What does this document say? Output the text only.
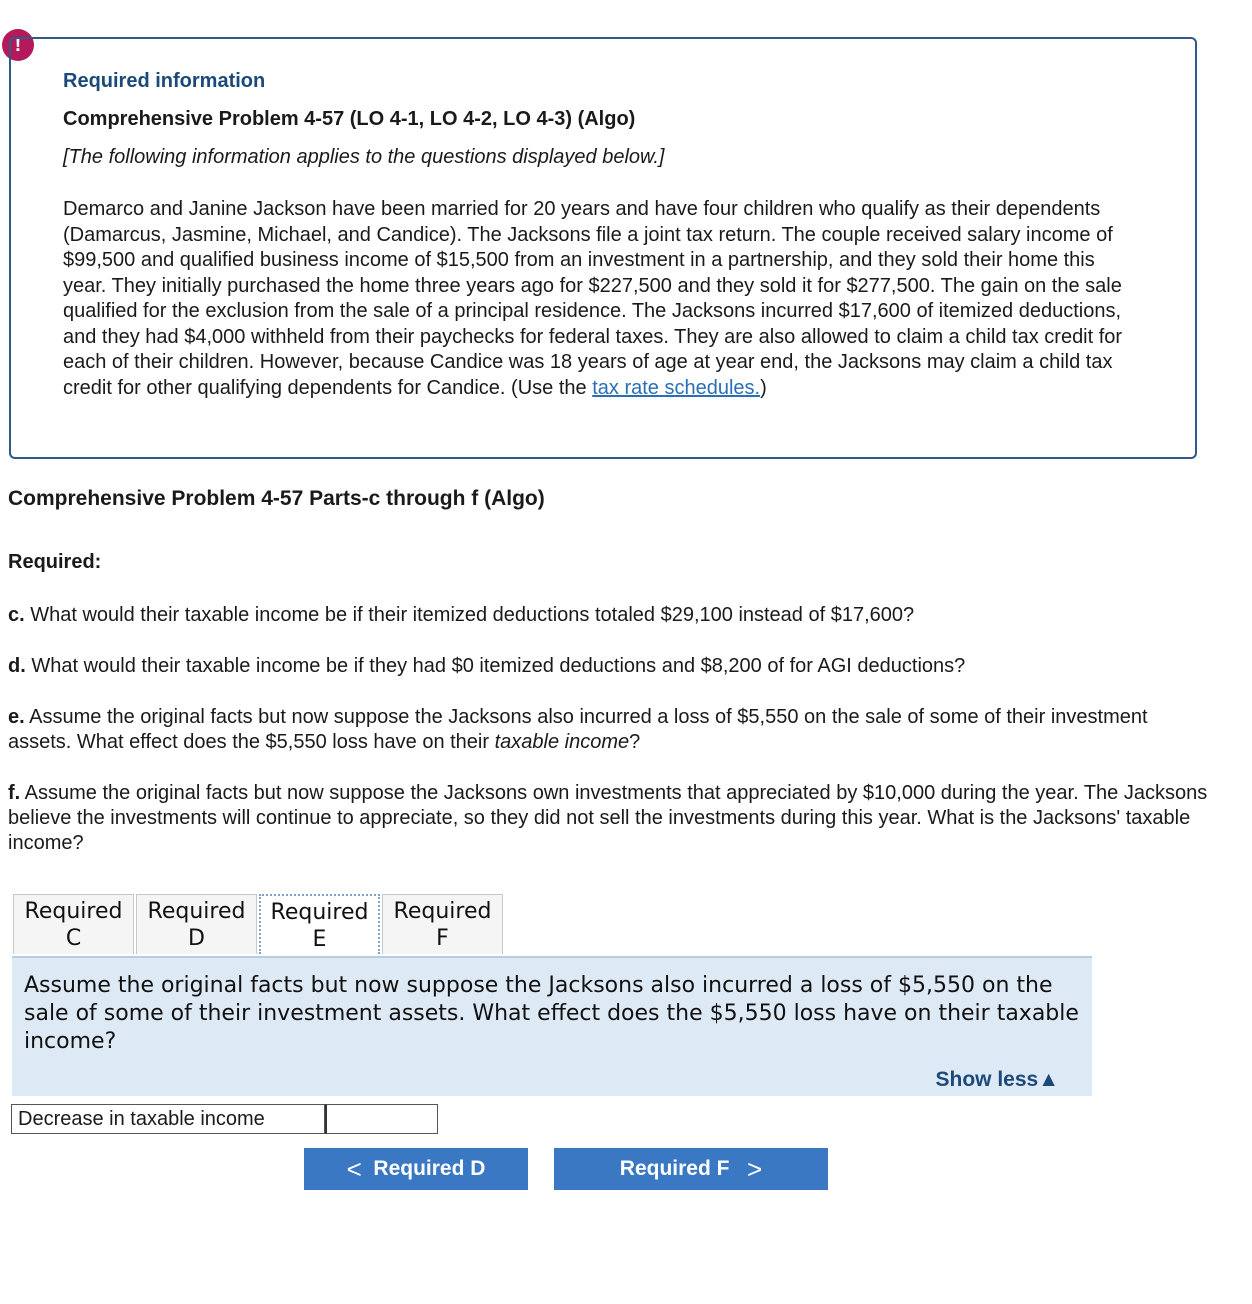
!
Required information
Comprehensive Problem 4-57 (LO 4-1, LO 4-2, LO 4-3) (Algo)
[The following information applies to the questions displayed below.]
Demarco and Janine Jackson have been married for 20 years and have four children who qualify as their dependents (Damarcus, Jasmine, Michael, and Candice). The Jacksons file a joint tax return. The couple received salary income of $99,500 and qualified business income of $15,500 from an investment in a partnership, and they sold their home this year. They initially purchased the home three years ago for $227,500 and they sold it for $277,500. The gain on the sale qualified for the exclusion from the sale of a principal residence. The Jacksons incurred $17,600 of itemized deductions, and they had $4,000 withheld from their paychecks for federal taxes. They are also allowed to claim a child tax credit for each of their children. However, because Candice was 18 years of age at year end, the Jacksons may claim a child tax credit for other qualifying dependents for Candice. (Use the tax rate schedules.)
Comprehensive Problem 4-57 Parts-c through f (Algo)
Required:
c. What would their taxable income be if their itemized deductions totaled $29,100 instead of $17,600?
d. What would their taxable income be if they had $0 itemized deductions and $8,200 of for AGI deductions?
e. Assume the original facts but now suppose the Jacksons also incurred a loss of $5,550 on the sale of some of their investment assets. What effect does the $5,550 loss have on their taxable income?
f. Assume the original facts but now suppose the Jacksons own investments that appreciated by $10,000 during the year. The Jacksons believe the investments will continue to appreciate, so they did not sell the investments during this year. What is the Jacksons' taxable income?
Required
C
Required
D
Required
E
Required
F
Assume the original facts but now suppose the Jacksons also incurred a loss of $5,550 on the sale of some of their investment assets. What effect does the $5,550 loss have on their taxable income?
Show less▲
Decrease in taxable income
<
Required D	Required F
>
